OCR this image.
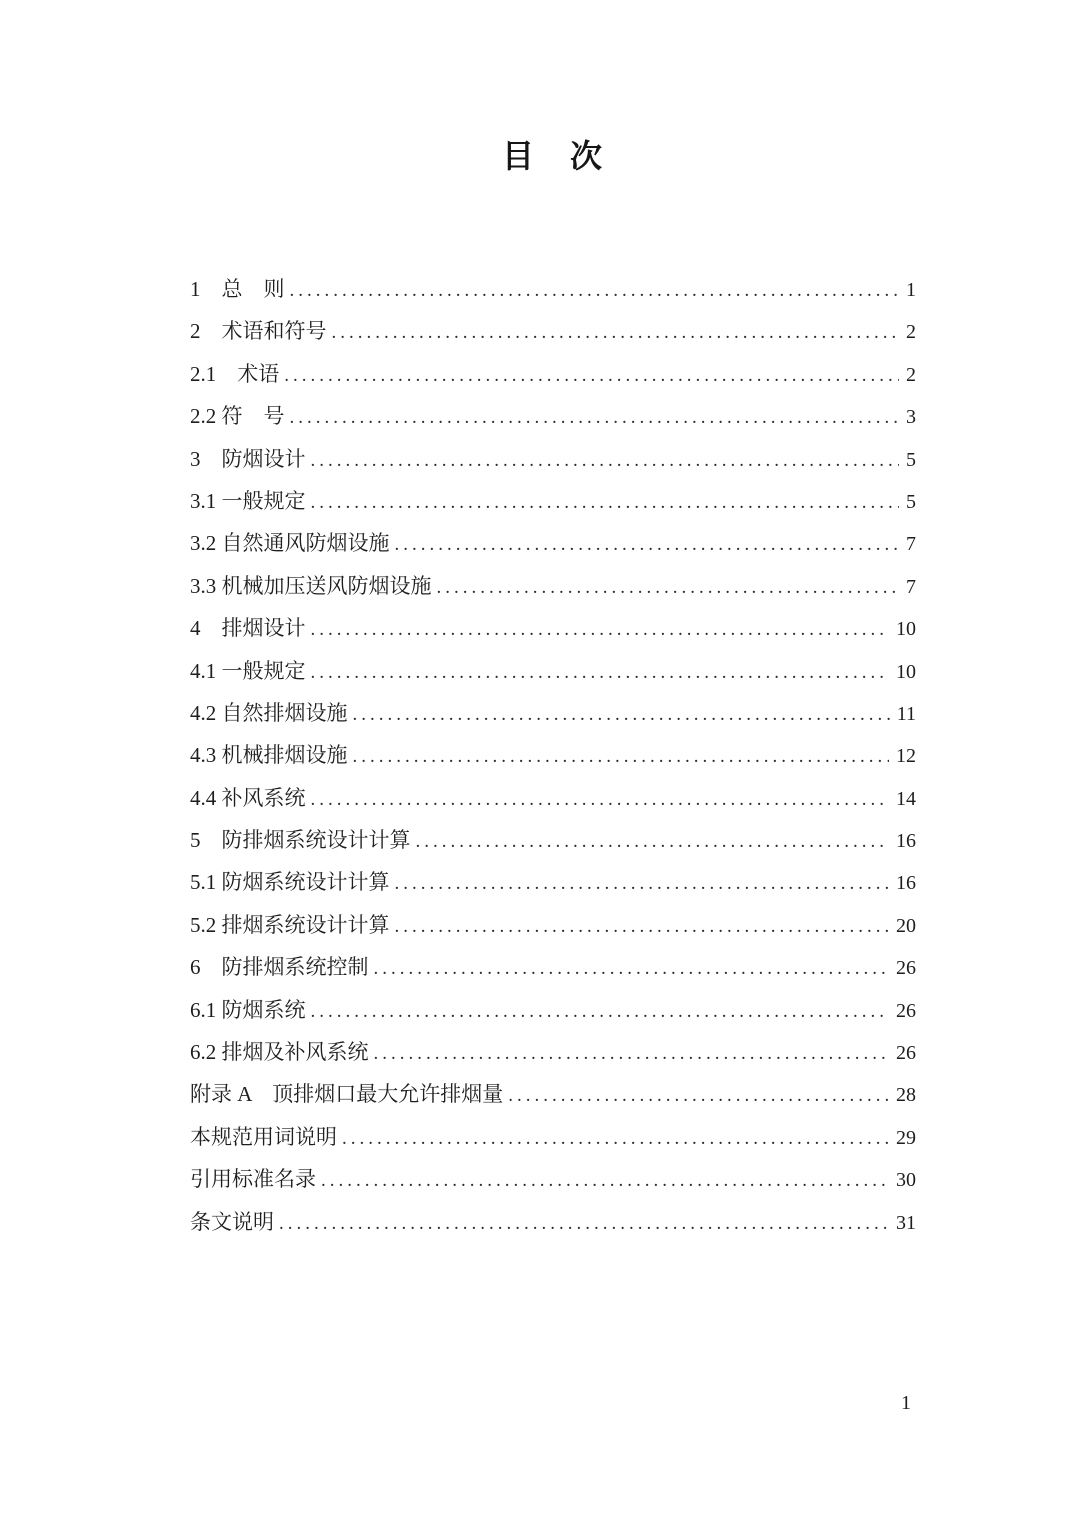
目　次
1　总　则 .....	1
2　术语和符号 .....	2
2.1　术语 .....	2
2.2 符　号 .....	3
3　防烟设计 .....	5
3.1 一般规定 .....	5
3.2 自然通风防烟设施 .....	7
3.3 机械加压送风防烟设施 .....	7
4　排烟设计 .....	10
4.1 一般规定 .....	10
4.2 自然排烟设施 .....	11
4.3 机械排烟设施 .....	12
4.4 补风系统 .....	14
5　防排烟系统设计计算 .....	16
5.1 防烟系统设计计算 .....	16
5.2 排烟系统设计计算 .....	20
6　防排烟系统控制 .....	26
6.1 防烟系统 .....	26
6.2 排烟及补风系统 .....	26
附录 A　顶排烟口最大允许排烟量 .....	28
本规范用词说明 .....	29
引用标准名录 .....	30
条文说明 .....	31
1
